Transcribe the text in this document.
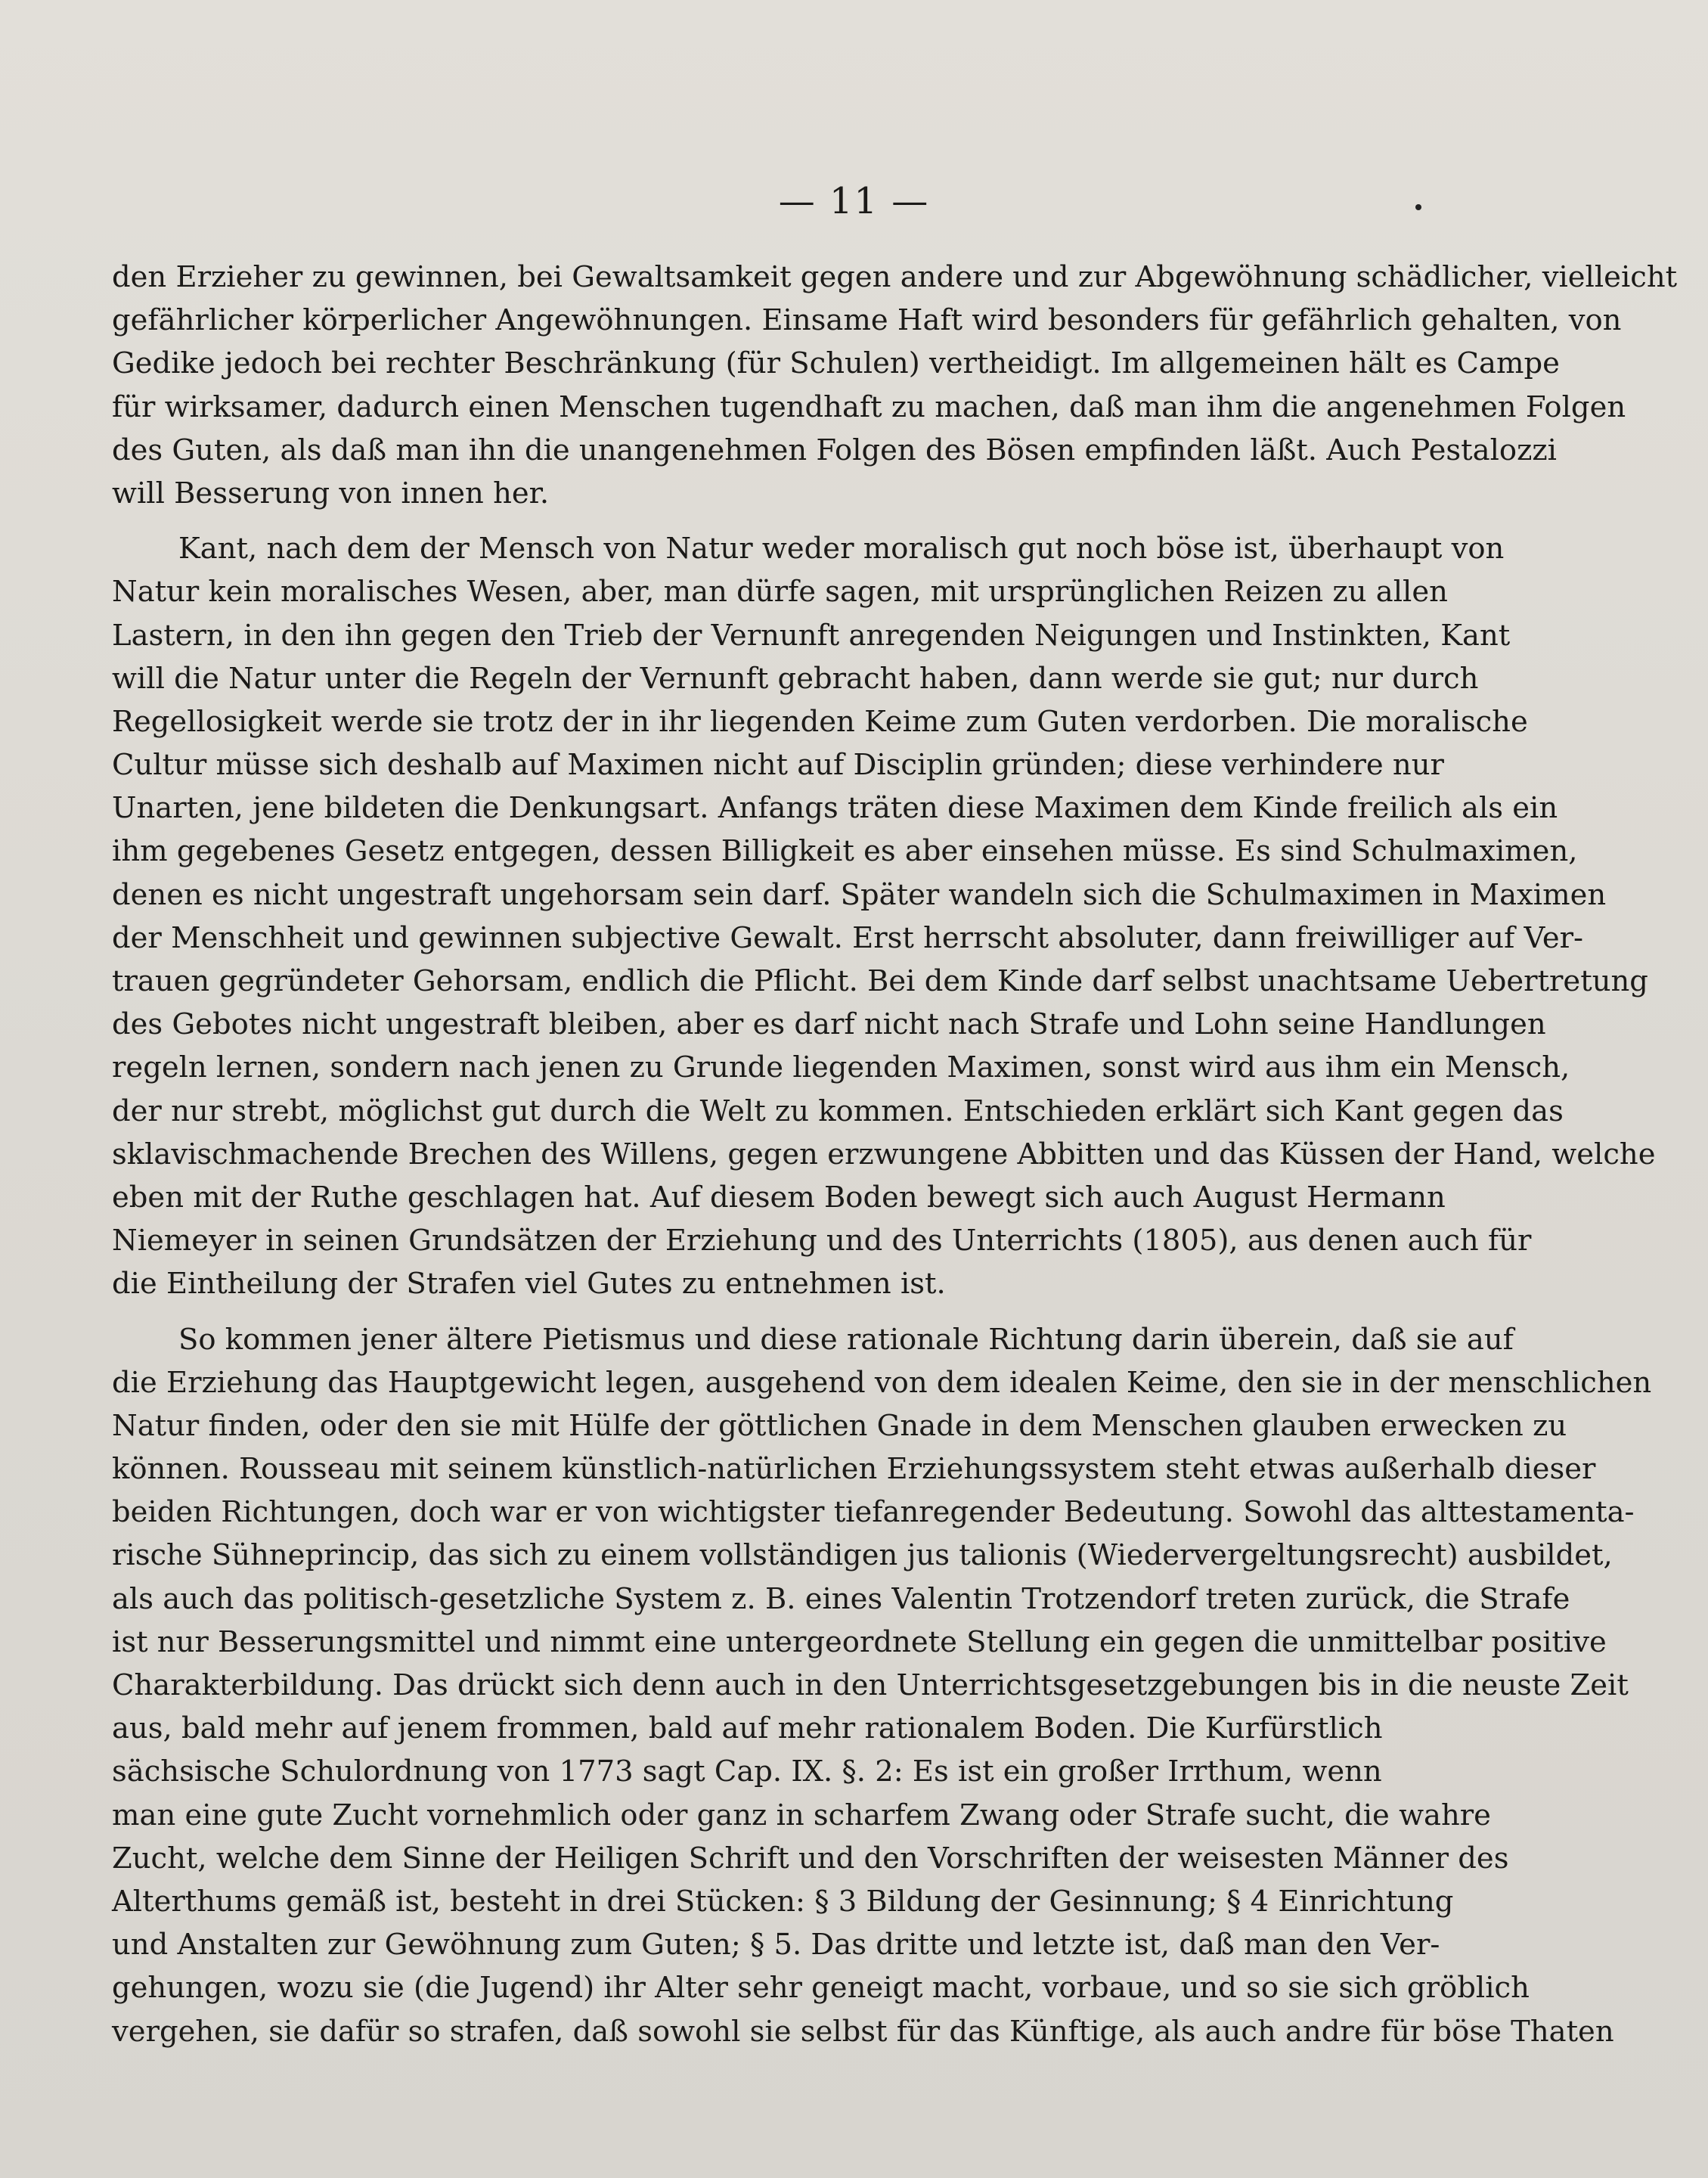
— 11 —
den Erzieher zu gewinnen, bei Gewaltsamkeit gegen andere und zur Abgewöhnung schädlicher, vielleicht
gefährlicher körperlicher Angewöhnungen. Einsame Haft wird besonders für gefährlich gehalten, von
Gedike jedoch bei rechter Beschränkung (für Schulen) vertheidigt. Im allgemeinen hält es Campe
für wirksamer, dadurch einen Menschen tugendhaft zu machen, daß man ihm die angenehmen Folgen
des Guten, als daß man ihn die unangenehmen Folgen des Bösen empfinden läßt. Auch Pestalozzi
will Besserung von innen her.
Kant, nach dem der Mensch von Natur weder moralisch gut noch böse ist, überhaupt von
Natur kein moralisches Wesen, aber, man dürfe sagen, mit ursprünglichen Reizen zu allen
Lastern, in den ihn gegen den Trieb der Vernunft anregenden Neigungen und Instinkten, Kant
will die Natur unter die Regeln der Vernunft gebracht haben, dann werde sie gut; nur durch
Regellosigkeit werde sie trotz der in ihr liegenden Keime zum Guten verdorben. Die moralische
Cultur müsse sich deshalb auf Maximen nicht auf Disciplin gründen; diese verhindere nur
Unarten, jene bildeten die Denkungsart. Anfangs träten diese Maximen dem Kinde freilich als ein
ihm gegebenes Gesetz entgegen, dessen Billigkeit es aber einsehen müsse. Es sind Schulmaximen,
denen es nicht ungestraft ungehorsam sein darf. Später wandeln sich die Schulmaximen in Maximen
der Menschheit und gewinnen subjective Gewalt. Erst herrscht absoluter, dann freiwilliger auf Ver-
trauen gegründeter Gehorsam, endlich die Pflicht. Bei dem Kinde darf selbst unachtsame Uebertretung
des Gebotes nicht ungestraft bleiben, aber es darf nicht nach Strafe und Lohn seine Handlungen
regeln lernen, sondern nach jenen zu Grunde liegenden Maximen, sonst wird aus ihm ein Mensch,
der nur strebt, möglichst gut durch die Welt zu kommen. Entschieden erklärt sich Kant gegen das
sklavischmachende Brechen des Willens, gegen erzwungene Abbitten und das Küssen der Hand, welche
eben mit der Ruthe geschlagen hat. Auf diesem Boden bewegt sich auch August Hermann
Niemeyer in seinen Grundsätzen der Erziehung und des Unterrichts (1805), aus denen auch für
die Eintheilung der Strafen viel Gutes zu entnehmen ist.
So kommen jener ältere Pietismus und diese rationale Richtung darin überein, daß sie auf
die Erziehung das Hauptgewicht legen, ausgehend von dem idealen Keime, den sie in der menschlichen
Natur finden, oder den sie mit Hülfe der göttlichen Gnade in dem Menschen glauben erwecken zu
können. Rousseau mit seinem künstlich-natürlichen Erziehungssystem steht etwas außerhalb dieser
beiden Richtungen, doch war er von wichtigster tiefanregender Bedeutung. Sowohl das alttestamenta-
rische Sühneprincip, das sich zu einem vollständigen jus talionis (Wiedervergeltungsrecht) ausbildet,
als auch das politisch-gesetzliche System z. B. eines Valentin Trotzendorf treten zurück, die Strafe
ist nur Besserungsmittel und nimmt eine untergeordnete Stellung ein gegen die unmittelbar positive
Charakterbildung. Das drückt sich denn auch in den Unterrichtsgesetzgebungen bis in die neuste Zeit
aus, bald mehr auf jenem frommen, bald auf mehr rationalem Boden. Die Kurfürstlich
sächsische Schulordnung von 1773 sagt Cap. IX. §. 2: Es ist ein großer Irrthum, wenn
man eine gute Zucht vornehmlich oder ganz in scharfem Zwang oder Strafe sucht, die wahre
Zucht, welche dem Sinne der Heiligen Schrift und den Vorschriften der weisesten Männer des
Alterthums gemäß ist, besteht in drei Stücken: § 3 Bildung der Gesinnung; § 4 Einrichtung
und Anstalten zur Gewöhnung zum Guten; § 5. Das dritte und letzte ist, daß man den Ver-
gehungen, wozu sie (die Jugend) ihr Alter sehr geneigt macht, vorbaue, und so sie sich gröblich
vergehen, sie dafür so strafen, daß sowohl sie selbst für das Künftige, als auch andre für böse Thaten
